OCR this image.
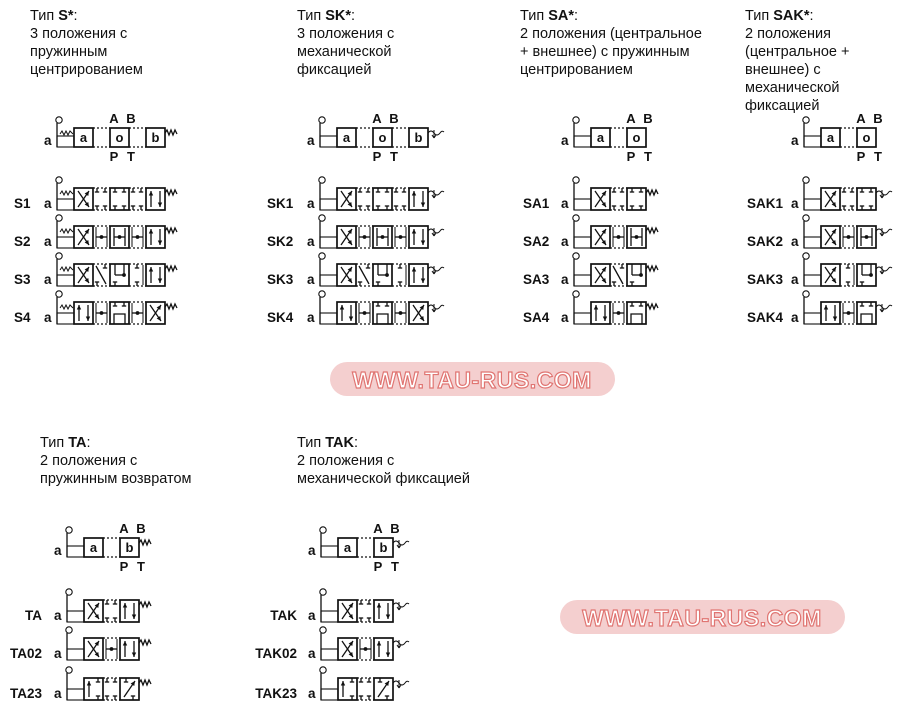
Тип S*:
3 положения с
пружинным
центрированием
a a o b
A B
P T
S1 a
S2 a
S3 a
S4 a
Тип SK*:
3 положения с
механической
фиксацией
a a o b
A B
P T
SK1 a
SK2 a
SK3 a
SK4 a
Тип SA*:
2 положения (центральное
+ внешнее) с пружинным
центрированием
a a o
A B
P T
SA1 a
SA2 a
SA3 a
SA4 a
Тип SAK*:
2 положения
(центральное +
внешнее) с
механической
фиксацией
a a o
A B
P T
SAK1 a
SAK2 a
SAK3 a
SAK4 a
Тип TA:
2 положения с
пружинным возвратом
a a b
A B
P T
TA a
TA02 a
TA23 a
Тип TAK:
2 положения с
механической фиксацией
a a b
A B
P T
TAK a
TAK02 a
TAK23 a
WWW.TAU-RUS.COM
WWW.TAU-RUS.COM
